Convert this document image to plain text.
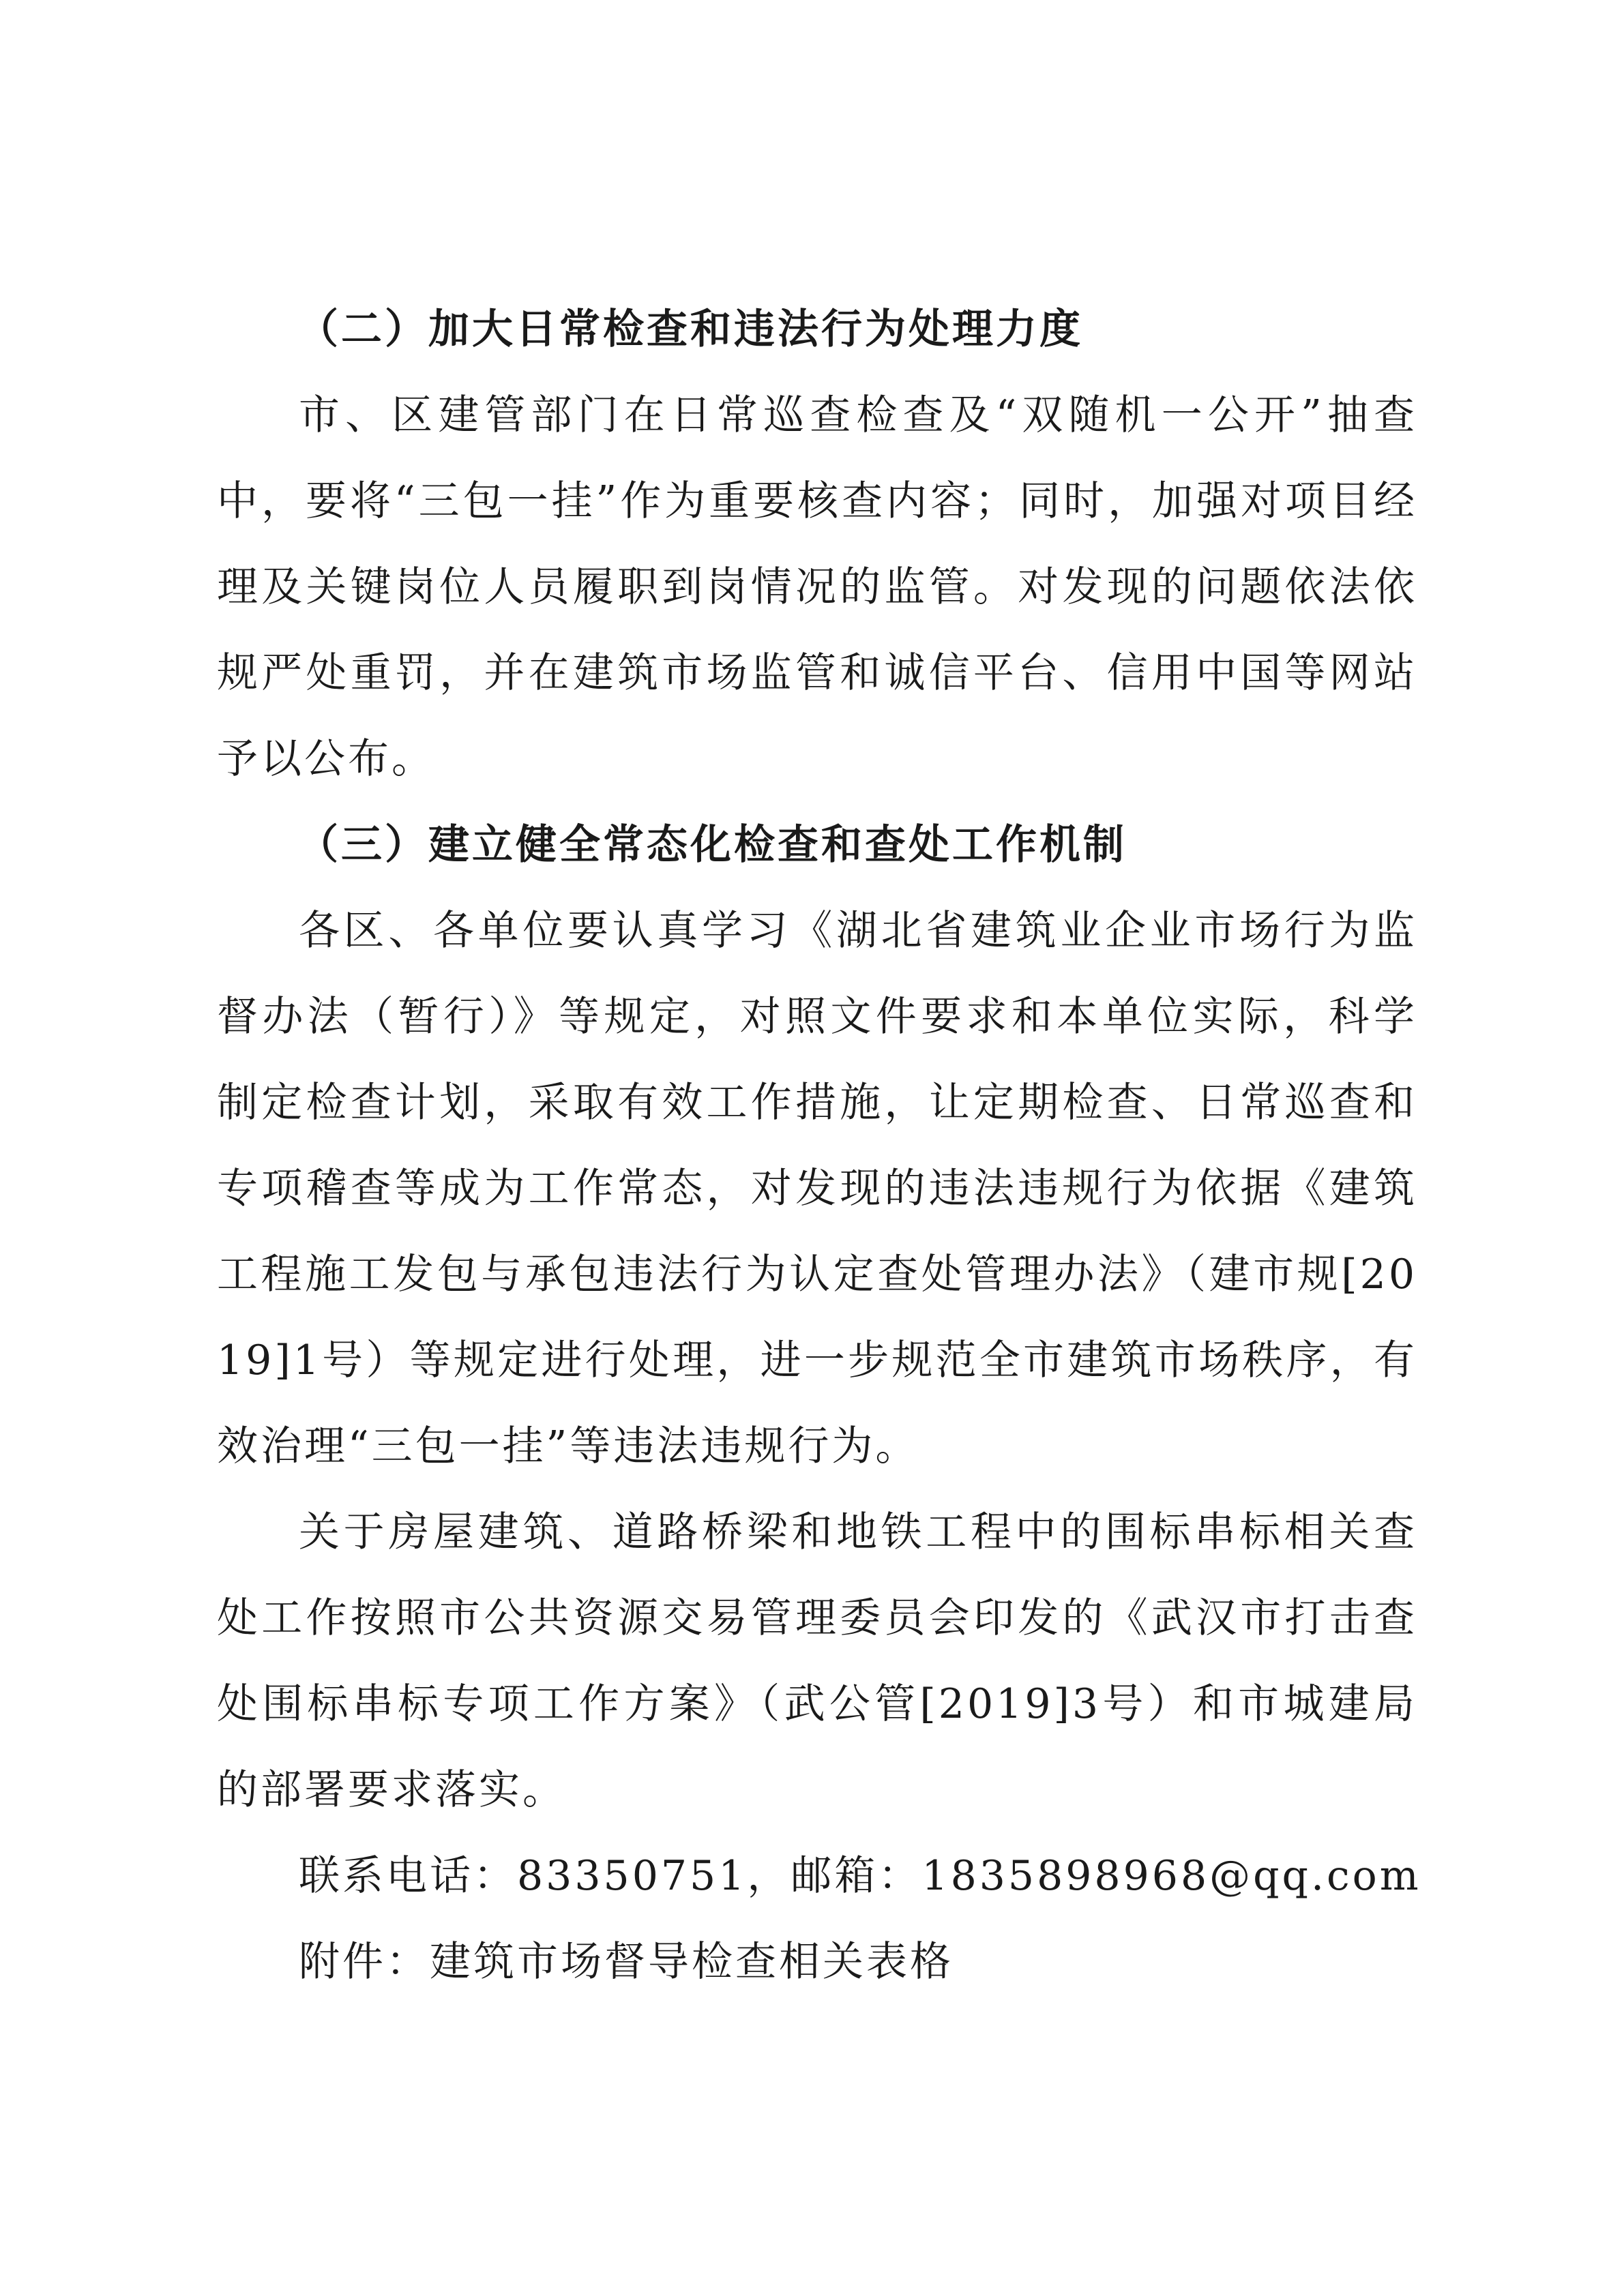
（二）加大日常检查和违法行为处理力度

市、区建管部门在日常巡查检查及“双随机一公开”抽查中，要将“三包一挂”作为重要核查内容；同时，加强对项目经理及关键岗位人员履职到岗情况的监管。对发现的问题依法依规严处重罚，并在建筑市场监管和诚信平台、信用中国等网站予以公布。

（三）建立健全常态化检查和查处工作机制

各区、各单位要认真学习《湖北省建筑业企业市场行为监督办法（暂行）》等规定，对照文件要求和本单位实际，科学制定检查计划，采取有效工作措施，让定期检查、日常巡查和专项稽查等成为工作常态，对发现的违法违规行为依据《建筑工程施工发包与承包违法行为认定查处管理办法》（建市规[2019]1号）等规定进行处理，进一步规范全市建筑市场秩序，有效治理“三包一挂”等违法违规行为。

关于房屋建筑、道路桥梁和地铁工程中的围标串标相关查处工作按照市公共资源交易管理委员会印发的《武汉市打击查处围标串标专项工作方案》（武公管[2019]3号）和市城建局的部署要求落实。

联系电话：83350751，邮箱：1835898968@qq.com

附件：建筑市场督导检查相关表格
